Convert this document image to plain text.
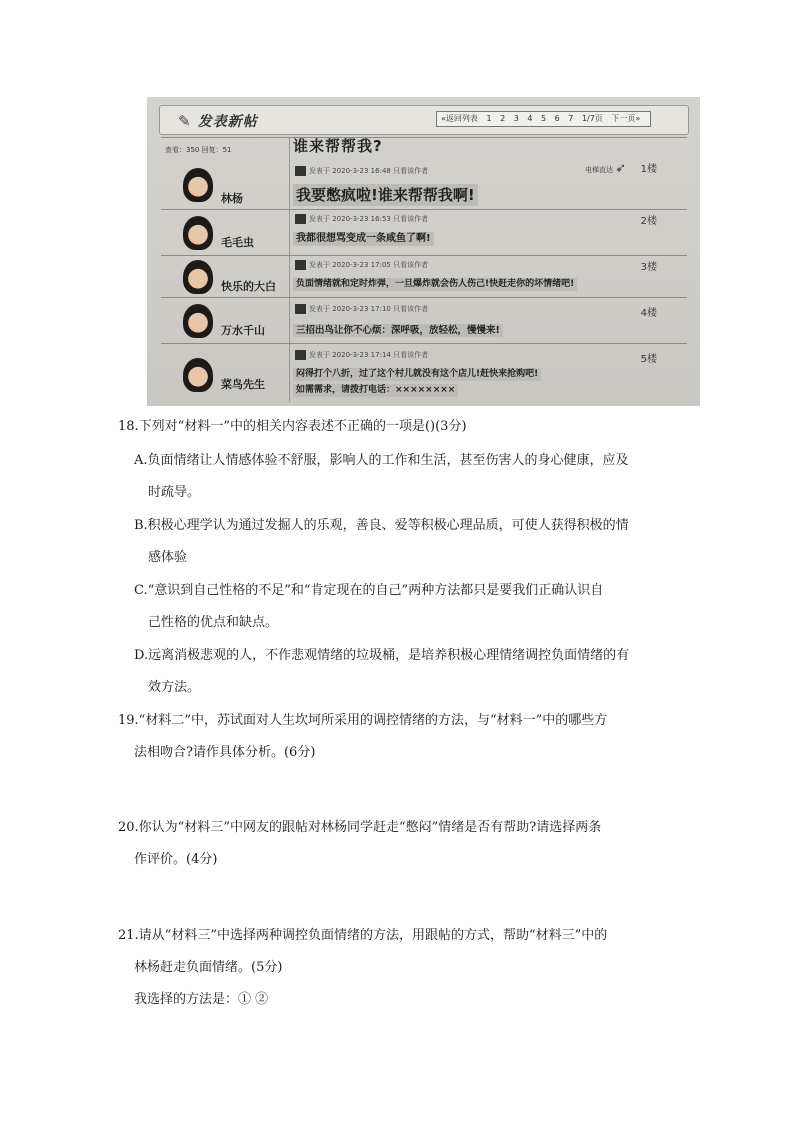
✎ 发表新帖	«返回列表 1 2 3 4 5 6 7 1/7页 下一页»
查看：350 回复：51	谁来帮帮我?
电梯直达 ➶
林杨
发表于 2020-3-23 16:48 只看该作者	1楼
我要憋疯啦!谁来帮帮我啊!
毛毛虫
发表于 2020-3-23 16:53 只看该作者	2楼
我都很想骂变成一条咸鱼了啊!
快乐的大白
发表于 2020-3-23 17:05 只看该作者	3楼
负面情绪就和定时炸弹，一旦爆炸就会伤人伤己!快赶走你的坏情绪吧!
万水千山
发表于 2020-3-23 17:10 只看该作者	4楼
三招出鸟让你不心烦：深呼吸，放轻松，慢慢来!
菜鸟先生
发表于 2020-3-23 17:14 只看该作者	5楼
闷得打个八折，过了这个村儿就没有这个店儿!赶快来抢购吧!
如需需求，请拨打电话：××××××××
18.下列对“材料一”中的相关内容表述不正确的一项是()(3分)
A.负面情绪让人情感体验不舒服，影响人的工作和生活，甚至伤害人的身心健康，应及
时疏导。
B.积极心理学认为通过发掘人的乐观，善良、爱等积极心理品质，可使人获得积极的情
感体验
C.“意识到自己性格的不足”和“肯定现在的自己”两种方法都只是要我们正确认识自
己性格的优点和缺点。
D.远离消极悲观的人，不作悲观情绪的垃圾桶，是培养积极心理情绪调控负面情绪的有
效方法。
19.“材料二”中，苏试面对人生坎坷所采用的调控情绪的方法，与“材料一”中的哪些方
法相吻合?请作具体分析。(6分)
20.你认为“材料三”中网友的跟帖对林杨同学赶走“憋闷”情绪是否有帮助?请选择两条
作评价。(4分)
21.请从“材料三”中选择两种调控负面情绪的方法，用跟帖的方式，帮助“材料三”中的
林杨赶走负面情绪。(5分)
我选择的方法是：① ②
